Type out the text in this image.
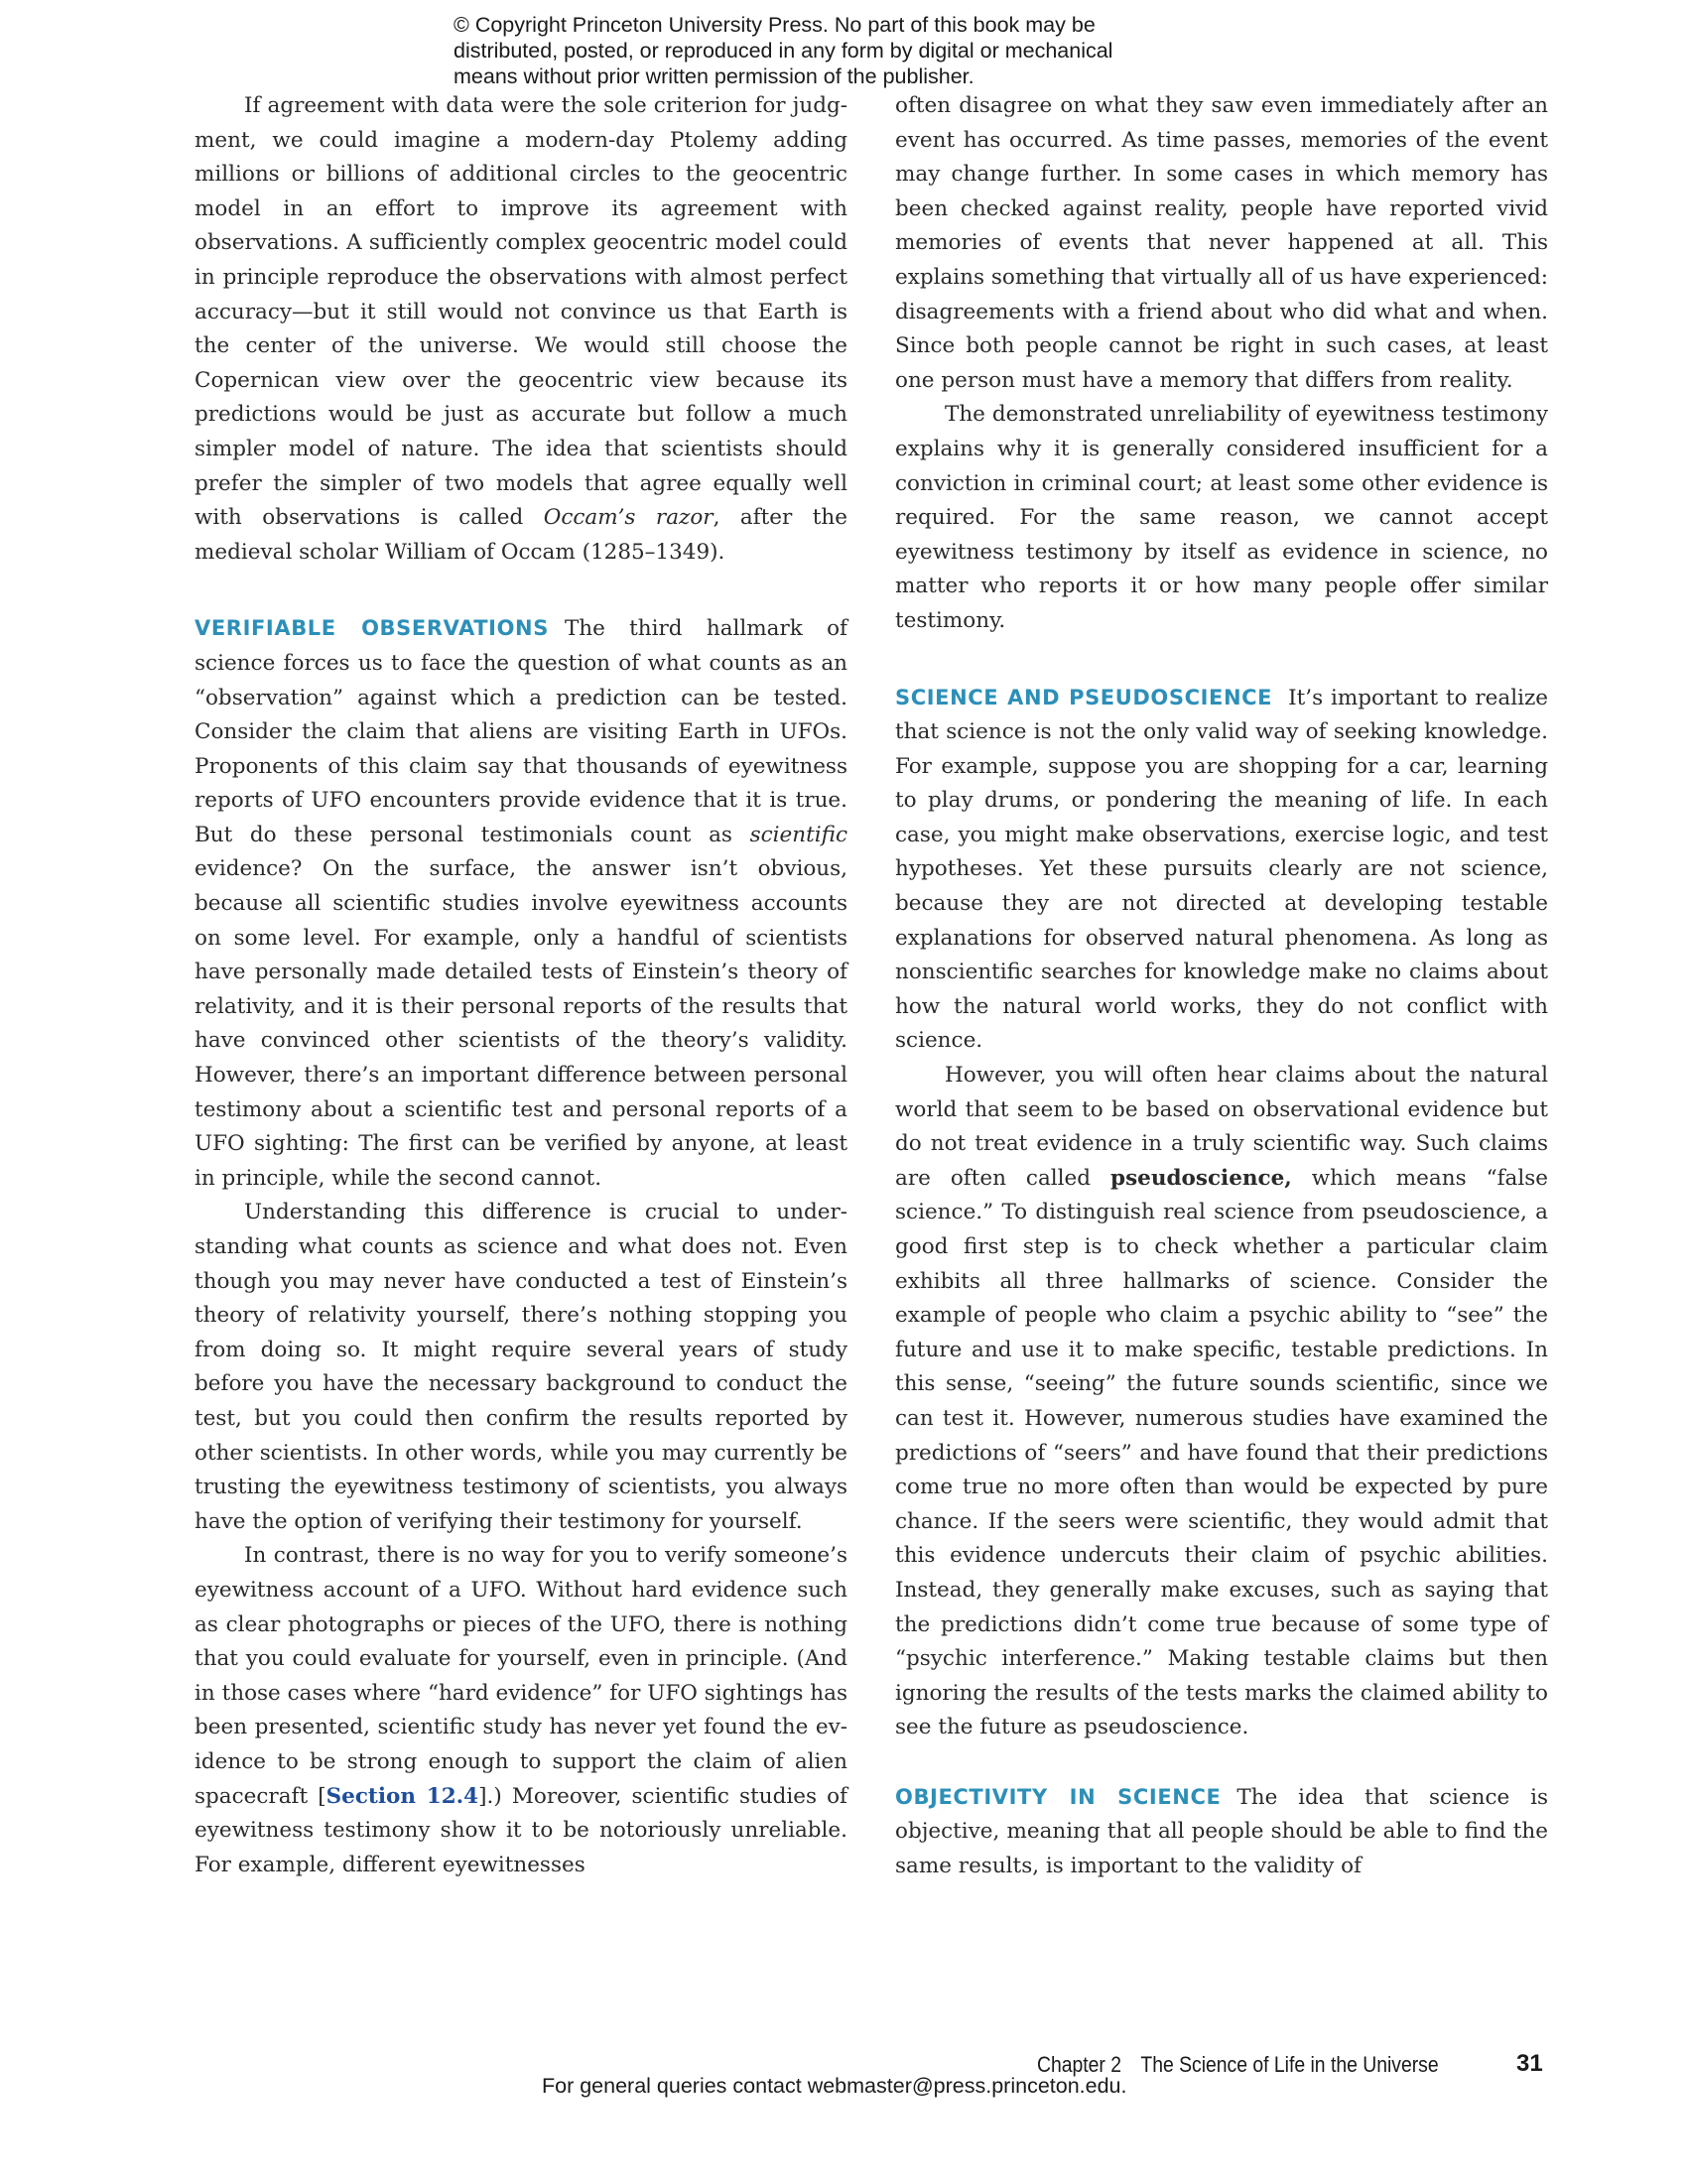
© Copyright Princeton University Press. No part of this book may be distributed, posted, or reproduced in any form by digital or mechanical means without prior written permission of the publisher.

If agreement with data were the sole criterion for judgment, we could imagine a modern-day Ptolemy adding millions or billions of additional circles to the geocentric model in an effort to improve its agreement with observations. A sufficiently complex geocentric model could in principle reproduce the observations with almost perfect accuracy—but it still would not convince us that Earth is the center of the universe. We would still choose the Copernican view over the geocentric view because its predictions would be just as accurate but follow a much simpler model of nature. The idea that scientists should prefer the simpler of two models that agree equally well with observations is called Occam’s razor, after the medieval scholar William of Occam (1285–1349).

VERIFIABLE OBSERVATIONS The third hallmark of science forces us to face the question of what counts as an “observation” against which a prediction can be tested. Consider the claim that aliens are visiting Earth in UFOs. Proponents of this claim say that thousands of eyewitness reports of UFO encounters provide evidence that it is true. But do these personal testimonials count as scientific evidence? On the surface, the answer isn’t obvious, because all scientific studies involve eyewitness accounts on some level. For example, only a handful of scientists have personally made detailed tests of Einstein’s theory of relativity, and it is their personal reports of the results that have convinced other scientists of the theory’s validity. However, there’s an important difference between personal testimony about a scientific test and personal reports of a UFO sighting: The first can be verified by anyone, at least in principle, while the second cannot.

Understanding this difference is crucial to understanding what counts as science and what does not. Even though you may never have conducted a test of Einstein’s theory of relativity yourself, there’s nothing stopping you from doing so. It might require several years of study before you have the necessary background to conduct the test, but you could then confirm the results reported by other scientists. In other words, while you may currently be trusting the eyewitness testimony of scientists, you always have the option of verifying their testimony for yourself.

In contrast, there is no way for you to verify someone’s eyewitness account of a UFO. Without hard evidence such as clear photographs or pieces of the UFO, there is nothing that you could evaluate for yourself, even in principle. (And in those cases where “hard evidence” for UFO sightings has been presented, scientific study has never yet found the evidence to be strong enough to support the claim of alien spacecraft [Section 12.4].) Moreover, scientific studies of eyewitness testimony show it to be notoriously unreliable. For example, different eyewitnesses

often disagree on what they saw even immediately after an event has occurred. As time passes, memories of the event may change further. In some cases in which memory has been checked against reality, people have reported vivid memories of events that never happened at all. This explains something that virtually all of us have experienced: disagreements with a friend about who did what and when. Since both people cannot be right in such cases, at least one person must have a memory that differs from reality.

The demonstrated unreliability of eyewitness testimony explains why it is generally considered insufficient for a conviction in criminal court; at least some other evidence is required. For the same reason, we cannot accept eyewitness testimony by itself as evidence in science, no matter who reports it or how many people offer similar testimony.

SCIENCE AND PSEUDOSCIENCE It’s important to realize that science is not the only valid way of seeking knowledge. For example, suppose you are shopping for a car, learning to play drums, or pondering the meaning of life. In each case, you might make observations, exercise logic, and test hypotheses. Yet these pursuits clearly are not science, because they are not directed at developing testable explanations for observed natural phenomena. As long as nonscientific searches for knowledge make no claims about how the natural world works, they do not conflict with science.

However, you will often hear claims about the natural world that seem to be based on observational evidence but do not treat evidence in a truly scientific way. Such claims are often called pseudoscience, which means “false science.” To distinguish real science from pseudoscience, a good first step is to check whether a particular claim exhibits all three hallmarks of science. Consider the example of people who claim a psychic ability to “see” the future and use it to make specific, testable predictions. In this sense, “seeing” the future sounds scientific, since we can test it. However, numerous studies have examined the predictions of “seers” and have found that their predictions come true no more often than would be expected by pure chance. If the seers were scientific, they would admit that this evidence undercuts their claim of psychic abilities. Instead, they generally make excuses, such as saying that the predictions didn’t come true because of some type of “psychic interference.” Making testable claims but then ignoring the results of the tests marks the claimed ability to see the future as pseudoscience.

OBJECTIVITY IN SCIENCE The idea that science is objective, meaning that all people should be able to find the same results, is important to the validity of

Chapter 2 The Science of Life in the Universe	31
For general queries contact webmaster@press.princeton.edu.
